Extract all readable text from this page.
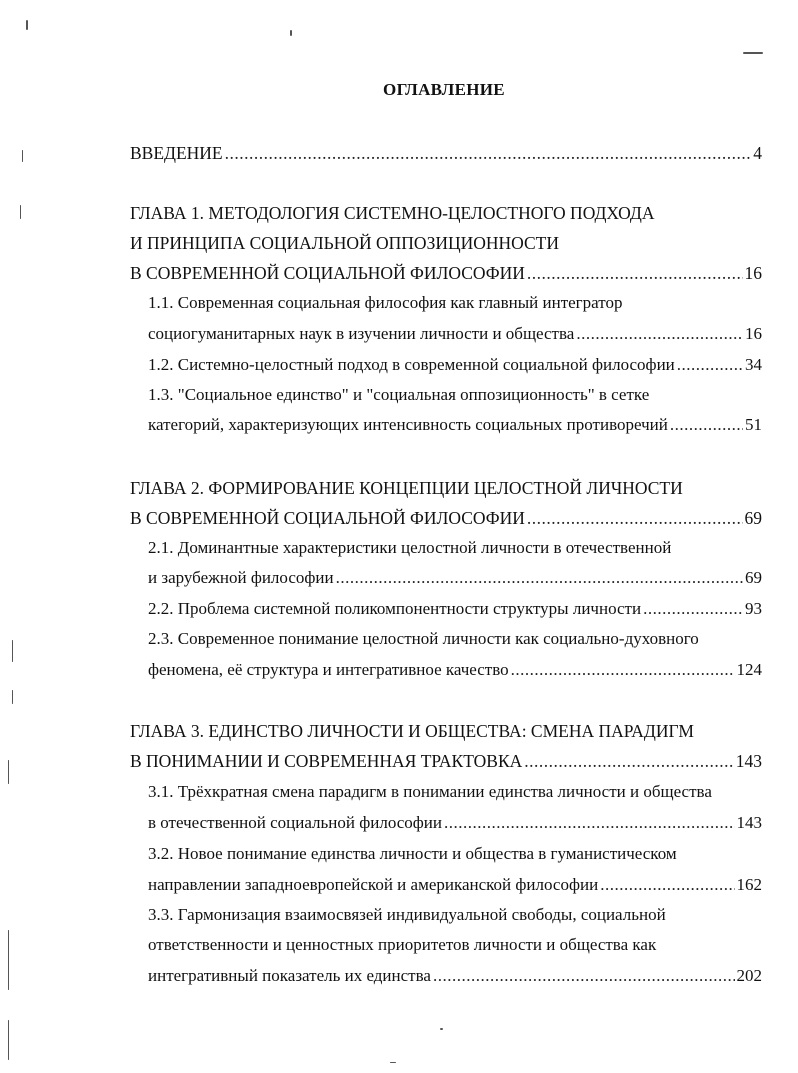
ОГЛАВЛЕНИЕ
ВВЕДЕНИЕ .....	4
ГЛАВА 1. МЕТОДОЛОГИЯ СИСТЕМНО-ЦЕЛОСТНОГО ПОДХОДА
И ПРИНЦИПА СОЦИАЛЬНОЙ ОППОЗИЦИОННОСТИ
В СОВРЕМЕННОЙ СОЦИАЛЬНОЙ ФИЛОСОФИИ .....	16
1.1. Современная социальная философия как главный интегратор
социогуманитарных наук в изучении личности и общества .....	16
1.2. Системно-целостный подход в современной социальной философии .....	34
1.3. "Социальное единство" и "социальная оппозиционность" в сетке
категорий, характеризующих интенсивность социальных противоречий .....	51
ГЛАВА 2. ФОРМИРОВАНИЕ КОНЦЕПЦИИ ЦЕЛОСТНОЙ ЛИЧНОСТИ
В СОВРЕМЕННОЙ СОЦИАЛЬНОЙ ФИЛОСОФИИ .....	69
2.1. Доминантные характеристики целостной личности в отечественной
и зарубежной философии .....	69
2.2. Проблема системной поликомпонентности структуры личности .....	93
2.3. Современное понимание целостной личности как социально-духовного
феномена, её структура и интегративное качество .....	124
ГЛАВА 3. ЕДИНСТВО ЛИЧНОСТИ И ОБЩЕСТВА: СМЕНА ПАРАДИГМ
В ПОНИМАНИИ И СОВРЕМЕННАЯ ТРАКТОВКА .....	143
3.1. Трёхкратная смена парадигм в понимании единства личности и общества
в отечественной социальной философии .....	143
3.2. Новое понимание единства личности и общества в гуманистическом
направлении западноевропейской и американской философии .....	162
3.3. Гармонизация взаимосвязей индивидуальной свободы, социальной
ответственности и ценностных приоритетов личности и общества как
интегративный показатель их единства .....	202
